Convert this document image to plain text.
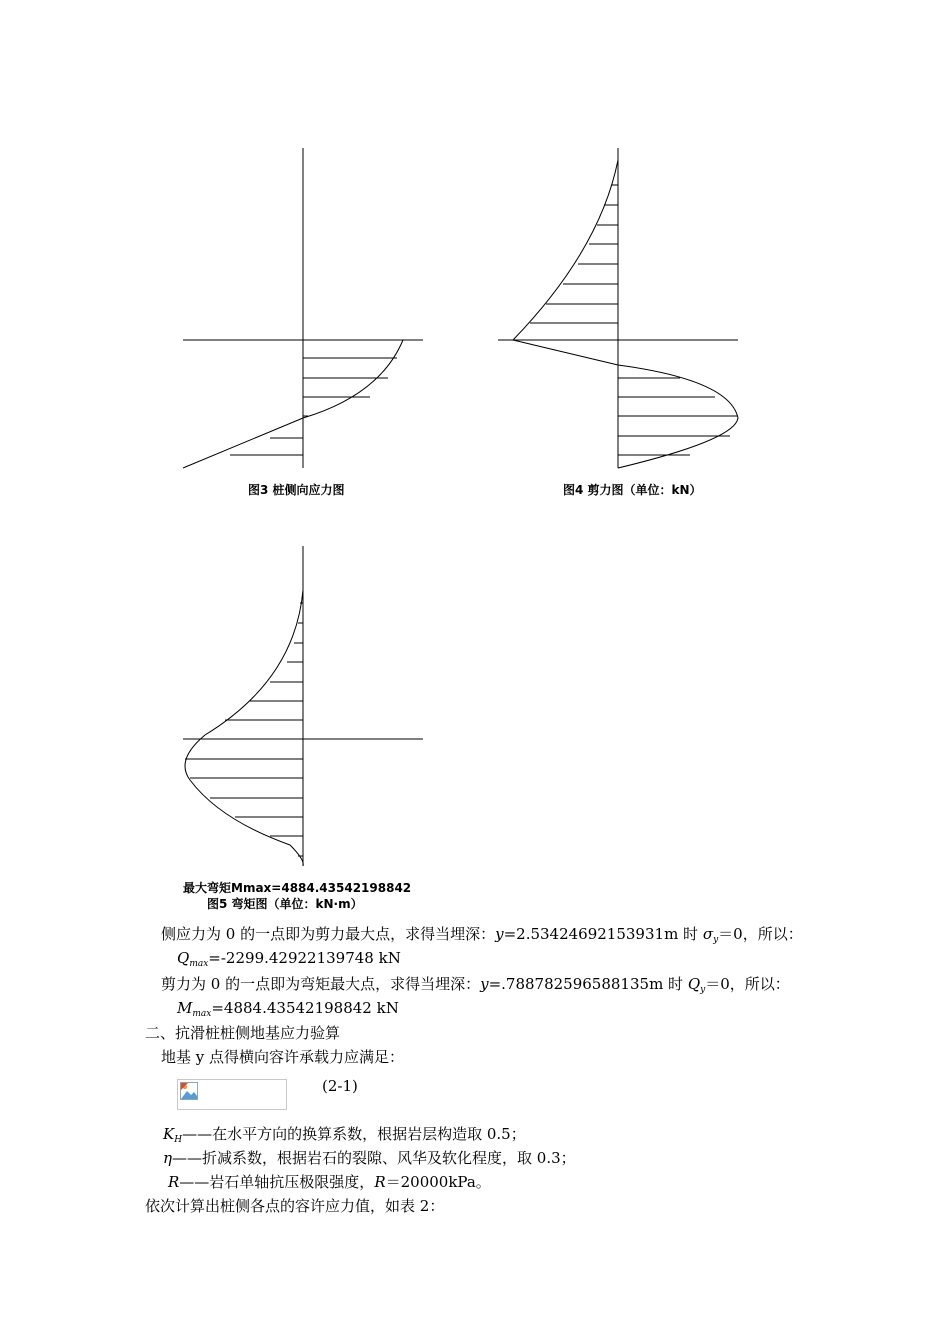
图3 桩侧向应力图	图4 剪力图（单位：kN）
最大弯矩Mmax=4884.43542198842
图5 弯矩图（单位：kN·m）
侧应力为 0 的一点即为剪力最大点，求得当埋深：y=2.53424692153931m 时 $\sigma_y=0$，所以：
$Q_{max}=-2299.42922139748$ kN
剪力为 0 的一点即为弯矩最大点，求得当埋深：y=.788782596588135m 时 $Q_y=0$，所以：
$M_{max}=4884.43542198842$ kN
二、抗滑桩桩侧地基应力验算
地基 y 点得横向容许承载力应满足：
(2-1)
$K_H——$在水平方向的换算系数，根据岩层构造取 0.5；
η——折减系数，根据岩石的裂隙、风华及软化程度，取 0.3；
R——岩石单轴抗压极限强度，R＝20000kPa。
依次计算出桩侧各点的容许应力值，如表 2：
